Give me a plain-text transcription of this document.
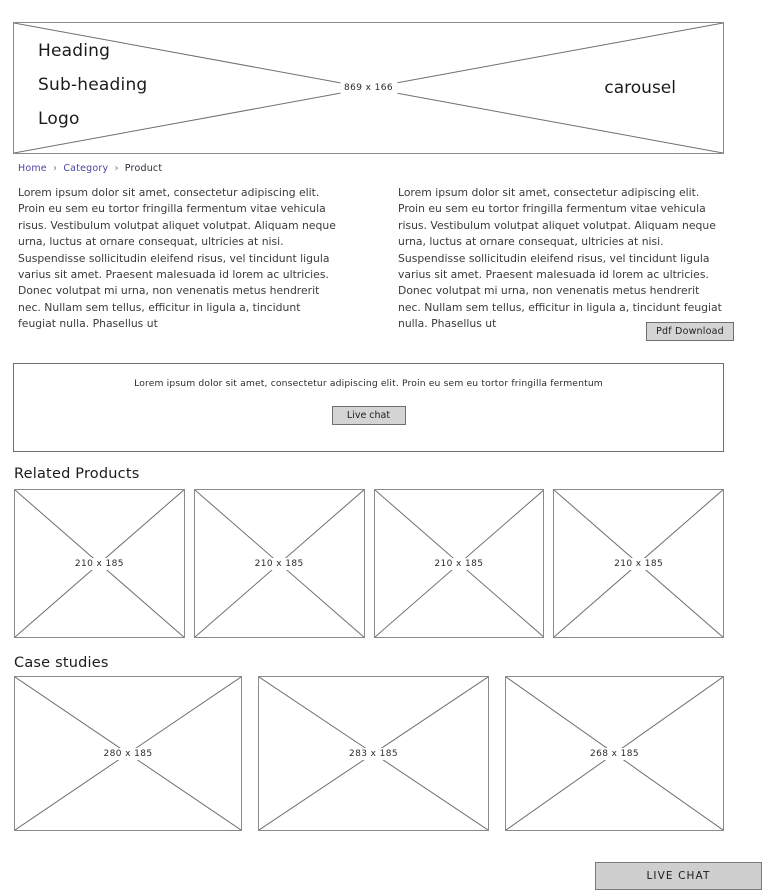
869 x 166
Heading
Sub-heading
Logo
carousel
Home › Category › Product
Lorem ipsum dolor sit amet, consectetur adipiscing elit. Proin eu sem eu tortor fringilla fermentum vitae vehicula risus. Vestibulum volutpat aliquet volutpat. Aliquam neque urna, luctus at ornare consequat, ultricies at nisi. Suspendisse sollicitudin eleifend risus, vel tincidunt ligula varius sit amet. Praesent malesuada id lorem ac ultricies. Donec volutpat mi urna, non venenatis metus hendrerit nec. Nullam sem tellus, efficitur in ligula a, tincidunt feugiat nulla. Phasellus ut
Lorem ipsum dolor sit amet, consectetur adipiscing elit. Proin eu sem eu tortor fringilla fermentum vitae vehicula risus. Vestibulum volutpat aliquet volutpat. Aliquam neque urna, luctus at ornare consequat, ultricies at nisi. Suspendisse sollicitudin eleifend risus, vel tincidunt ligula varius sit amet. Praesent malesuada id lorem ac ultricies. Donec volutpat mi urna, non venenatis metus hendrerit nec. Nullam sem tellus, efficitur in ligula a, tincidunt feugiat nulla. Phasellus ut
Pdf Download
Lorem ipsum dolor sit amet, consectetur adipiscing elit. Proin eu sem eu tortor fringilla fermentum
Live chat
Related Products
210 x 185	210 x 185	210 x 185	210 x 185
Case studies
280 x 185	283 x 185	268 x 185
LIVE CHAT
